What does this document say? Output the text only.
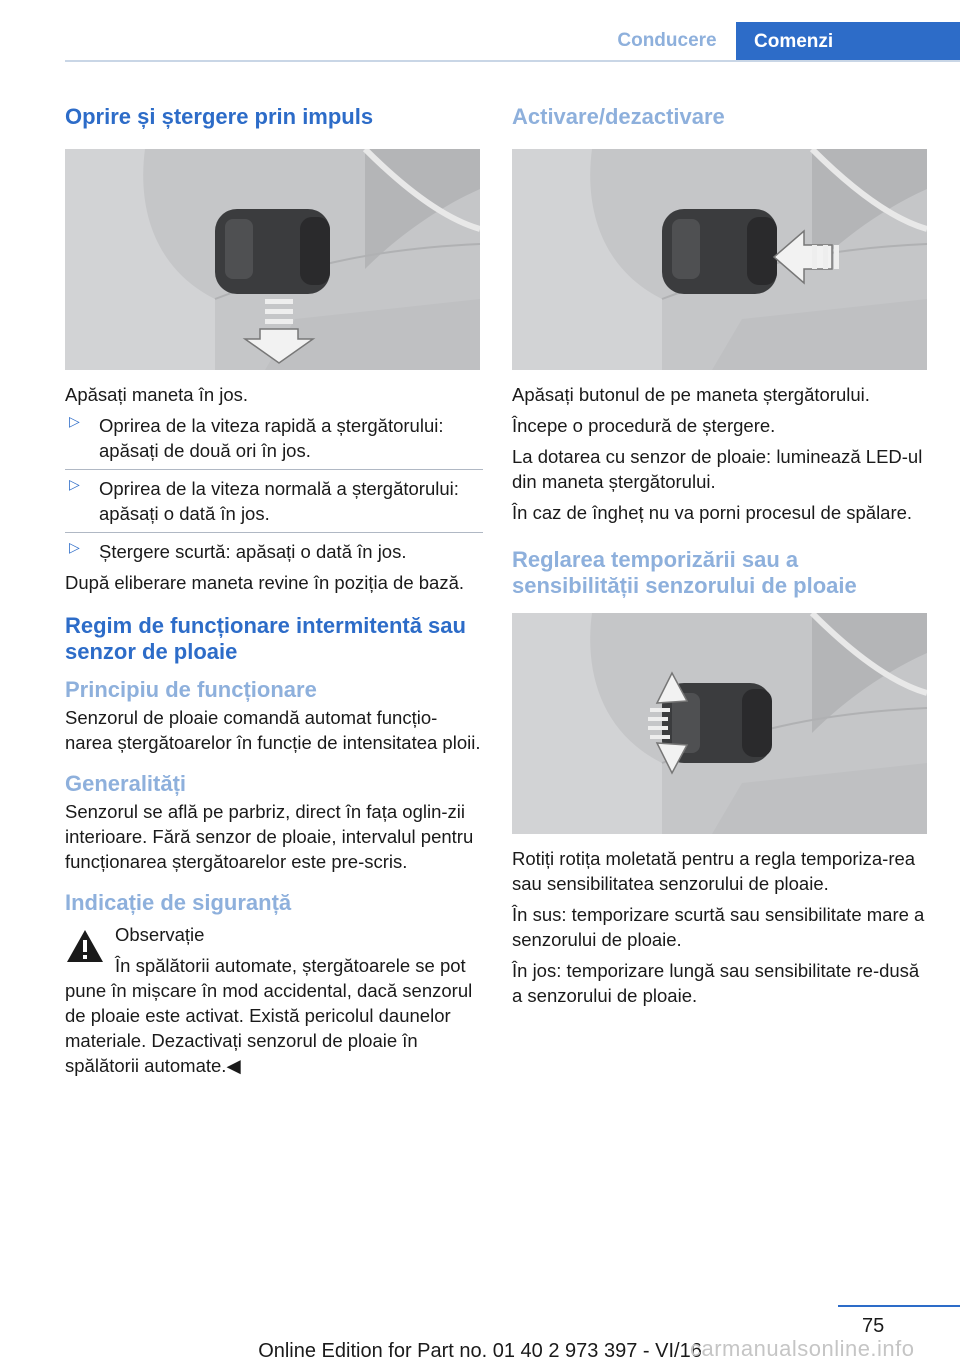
Conducere	Comenzi
Oprire și ștergere prin impuls

Apăsați maneta în jos.

▷ Oprirea de la viteza rapidă a ștergătorului: apăsați de două ori în jos.

▷ Oprirea de la viteza normală a ștergătorului: apăsați o dată în jos.

▷ Ștergere scurtă: apăsați o dată în jos.

După eliberare maneta revine în poziția de bază.

Regim de funcționare intermitentă sau senzor de ploaie
Principiu de funcționare

Senzorul de ploaie comandă automat funcțio-narea ștergătoarelor în funcție de intensitatea ploii.

Generalități

Senzorul se află pe parbriz, direct în fața oglin-zii interioare. Fără senzor de ploaie, intervalul pentru funcționarea ștergătoarelor este pre-scris.

Indicație de siguranță

Observație

În spălătorii automate, ștergătoarele se pot pune în mișcare în mod accidental, dacă senzorul de ploaie este activat. Există pericolul daunelor materiale. Dezactivați senzorul de ploaie în spălătorii automate.◀

Activare/dezactivare

Apăsați butonul de pe maneta ștergătorului.

Începe o procedură de ștergere.

La dotarea cu senzor de ploaie: luminează LED-ul din maneta ștergătorului.

În caz de îngheț nu va porni procesul de spălare.

Reglarea temporizării sau a sensibilității senzorului de ploaie

Rotiți rotița moletată pentru a regla temporiza-rea sau sensibilitatea senzorului de ploaie.

În sus: temporizare scurtă sau sensibilitate mare a senzorului de ploaie.

În jos: temporizare lungă sau sensibilitate re-dusă a senzorului de ploaie.

75
Online Edition for Part no. 01 40 2 973 397 - VI/16
carmanualsonline.info
